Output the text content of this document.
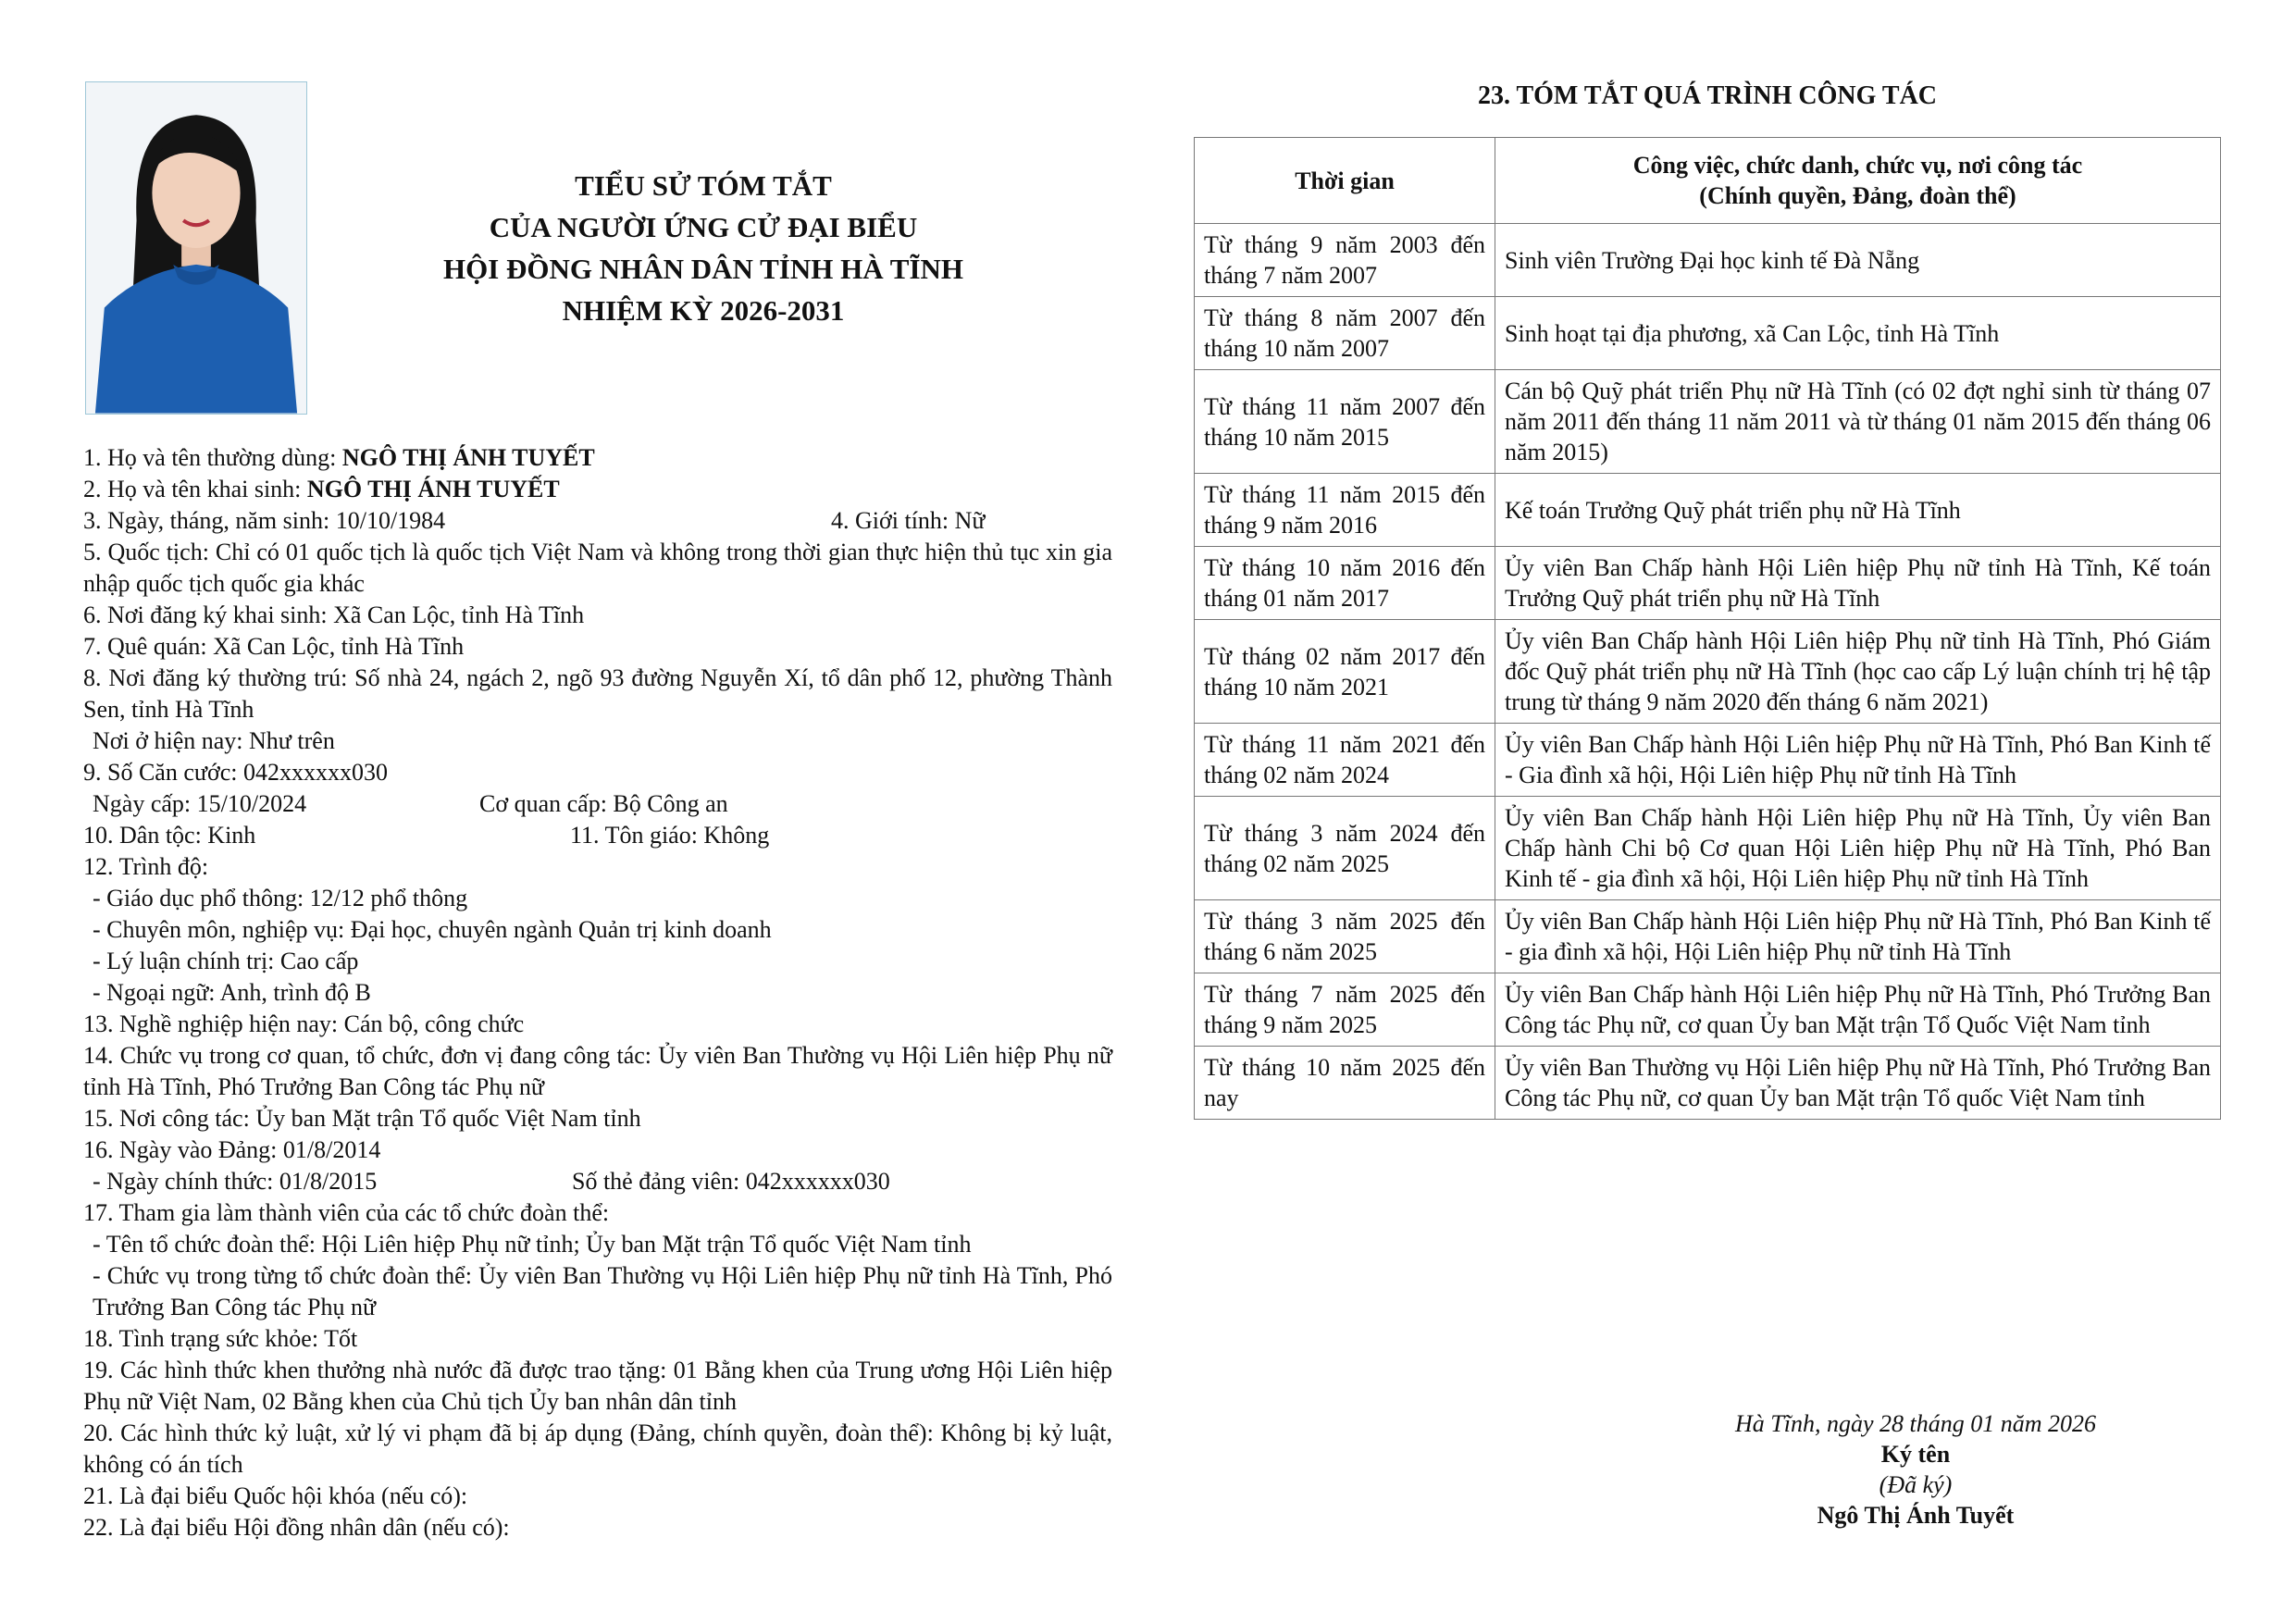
TIỂU SỬ TÓM TẮT
CỦA NGƯỜI ỨNG CỬ ĐẠI BIỂU
HỘI ĐỒNG NHÂN DÂN TỈNH HÀ TĨNH
NHIỆM KỲ 2026-2031

1. Họ và tên thường dùng: NGÔ THỊ ÁNH TUYẾT

2. Họ và tên khai sinh: NGÔ THỊ ÁNH TUYẾT

3. Ngày, tháng, năm sinh: 10/10/1984	4. Giới tính: Nữ

5. Quốc tịch: Chỉ có 01 quốc tịch là quốc tịch Việt Nam và không trong thời gian thực hiện thủ tục xin gia nhập quốc tịch quốc gia khác

6. Nơi đăng ký khai sinh: Xã Can Lộc, tỉnh Hà Tĩnh

7. Quê quán: Xã Can Lộc, tỉnh Hà Tĩnh

8. Nơi đăng ký thường trú: Số nhà 24, ngách 2, ngõ 93 đường Nguyễn Xí, tổ dân phố 12, phường Thành Sen, tỉnh Hà Tĩnh

Nơi ở hiện nay: Như trên

9. Số Căn cước: 042xxxxxx030

Ngày cấp: 15/10/2024	Cơ quan cấp: Bộ Công an

10. Dân tộc: Kinh	11. Tôn giáo: Không

12. Trình độ:

- Giáo dục phổ thông: 12/12 phổ thông

- Chuyên môn, nghiệp vụ: Đại học, chuyên ngành Quản trị kinh doanh

- Lý luận chính trị: Cao cấp

- Ngoại ngữ: Anh, trình độ B

13. Nghề nghiệp hiện nay: Cán bộ, công chức

14. Chức vụ trong cơ quan, tổ chức, đơn vị đang công tác: Ủy viên Ban Thường vụ Hội Liên hiệp Phụ nữ tỉnh Hà Tĩnh, Phó Trưởng Ban Công tác Phụ nữ

15. Nơi công tác: Ủy ban Mặt trận Tổ quốc Việt Nam tỉnh

16. Ngày vào Đảng: 01/8/2014

- Ngày chính thức: 01/8/2015	Số thẻ đảng viên: 042xxxxxx030

17. Tham gia làm thành viên của các tổ chức đoàn thể:

- Tên tổ chức đoàn thể: Hội Liên hiệp Phụ nữ tỉnh; Ủy ban Mặt trận Tổ quốc Việt Nam tỉnh

- Chức vụ trong từng tổ chức đoàn thể: Ủy viên Ban Thường vụ Hội Liên hiệp Phụ nữ tỉnh Hà Tĩnh, Phó Trưởng Ban Công tác Phụ nữ

18. Tình trạng sức khỏe: Tốt

19. Các hình thức khen thưởng nhà nước đã được trao tặng: 01 Bằng khen của Trung ương Hội Liên hiệp Phụ nữ Việt Nam, 02 Bằng khen của Chủ tịch Ủy ban nhân dân tỉnh

20. Các hình thức kỷ luật, xử lý vi phạm đã bị áp dụng (Đảng, chính quyền, đoàn thể): Không bị kỷ luật, không có án tích

21. Là đại biểu Quốc hội khóa (nếu có):

22. Là đại biểu Hội đồng nhân dân (nếu có):

23. TÓM TẮT QUÁ TRÌNH CÔNG TÁC
Thời gian	Công việc, chức danh, chức vụ, nơi công tác
(Chính quyền, Đảng, đoàn thể)

Từ tháng 9 năm 2003 đến tháng 7 năm 2007	Sinh viên Trường Đại học kinh tế Đà Nẵng
Từ tháng 8 năm 2007 đến tháng 10 năm 2007	Sinh hoạt tại địa phương, xã Can Lộc, tỉnh Hà Tĩnh
Từ tháng 11 năm 2007 đến tháng 10 năm 2015	Cán bộ Quỹ phát triển Phụ nữ Hà Tĩnh (có 02 đợt nghỉ sinh từ tháng 07 năm 2011 đến tháng 11 năm 2011 và từ tháng 01 năm 2015 đến tháng 06 năm 2015)
Từ tháng 11 năm 2015 đến tháng 9 năm 2016	Kế toán Trưởng Quỹ phát triển phụ nữ Hà Tĩnh
Từ tháng 10 năm 2016 đến tháng 01 năm 2017	Ủy viên Ban Chấp hành Hội Liên hiệp Phụ nữ tỉnh Hà Tĩnh, Kế toán Trưởng Quỹ phát triển phụ nữ Hà Tĩnh
Từ tháng 02 năm 2017 đến tháng 10 năm 2021	Ủy viên Ban Chấp hành Hội Liên hiệp Phụ nữ tỉnh Hà Tĩnh, Phó Giám đốc Quỹ phát triển phụ nữ Hà Tĩnh (học cao cấp Lý luận chính trị hệ tập trung từ tháng 9 năm 2020 đến tháng 6 năm 2021)
Từ tháng 11 năm 2021 đến tháng 02 năm 2024	Ủy viên Ban Chấp hành Hội Liên hiệp Phụ nữ Hà Tĩnh, Phó Ban Kinh tế - Gia đình xã hội, Hội Liên hiệp Phụ nữ tỉnh Hà Tĩnh
Từ tháng 3 năm 2024 đến tháng 02 năm 2025	Ủy viên Ban Chấp hành Hội Liên hiệp Phụ nữ Hà Tĩnh, Ủy viên Ban Chấp hành Chi bộ Cơ quan Hội Liên hiệp Phụ nữ Hà Tĩnh, Phó Ban Kinh tế - gia đình xã hội, Hội Liên hiệp Phụ nữ tỉnh Hà Tĩnh
Từ tháng 3 năm 2025 đến tháng 6 năm 2025	Ủy viên Ban Chấp hành Hội Liên hiệp Phụ nữ Hà Tĩnh, Phó Ban Kinh tế - gia đình xã hội, Hội Liên hiệp Phụ nữ tỉnh Hà Tĩnh
Từ tháng 7 năm 2025 đến tháng 9 năm 2025	Ủy viên Ban Chấp hành Hội Liên hiệp Phụ nữ Hà Tĩnh, Phó Trưởng Ban Công tác Phụ nữ, cơ quan Ủy ban Mặt trận Tổ Quốc Việt Nam tỉnh
Từ tháng 10 năm 2025 đến nay	Ủy viên Ban Thường vụ Hội Liên hiệp Phụ nữ Hà Tĩnh, Phó Trưởng Ban Công tác Phụ nữ, cơ quan Ủy ban Mặt trận Tổ quốc Việt Nam tỉnh
Hà Tĩnh, ngày 28 tháng 01 năm 2026
Ký tên
(Đã ký)
Ngô Thị Ánh Tuyết
